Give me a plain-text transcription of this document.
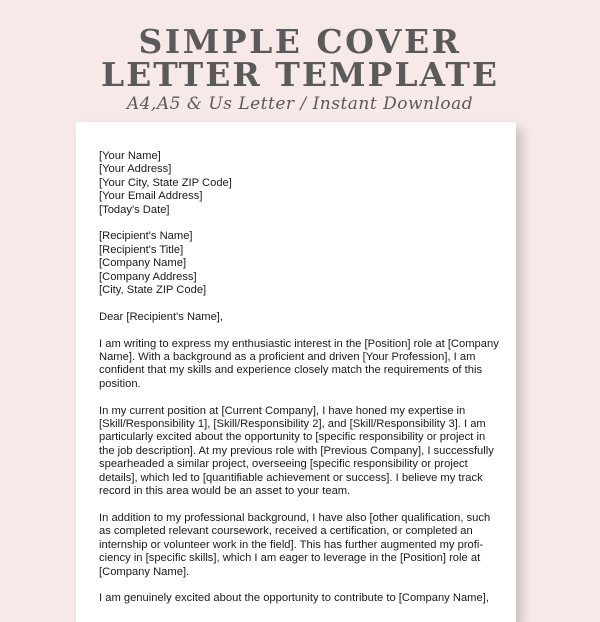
SIMPLE COVER
LETTER TEMPLATE
A4,A5 & Us Letter / Instant Download
[Your Name]
[Your Address]
[Your City, State ZIP Code]
[Your Email Address]
[Today's Date]
[Recipient's Name]
[Recipient's Title]
[Company Name]
[Company Address]
[City, State ZIP Code]
Dear [Recipient's Name],
I am writing to express my enthusiastic interest in the [Position] role at [Company
Name]. With a background as a proficient and driven [Your Profession], I am
confident that my skills and experience closely match the requirements of this
position.
In my current position at [Current Company], I have honed my expertise in
[Skill/Responsibility 1], [Skill/Responsibility 2], and [Skill/Responsibility 3]. I am
particularly excited about the opportunity to [specific responsibility or project in
the job description]. At my previous role with [Previous Company], I successfully
spearheaded a similar project, overseeing [specific responsibility or project
details], which led to [quantifiable achievement or success]. I believe my track
record in this area would be an asset to your team.
In addition to my professional background, I have also [other qualification, such
as completed relevant coursework, received a certification, or completed an
internship or volunteer work in the field]. This has further augmented my profi-
ciency in [specific skills], which I am eager to leverage in the [Position] role at
[Company Name].
I am genuinely excited about the opportunity to contribute to [Company Name],
